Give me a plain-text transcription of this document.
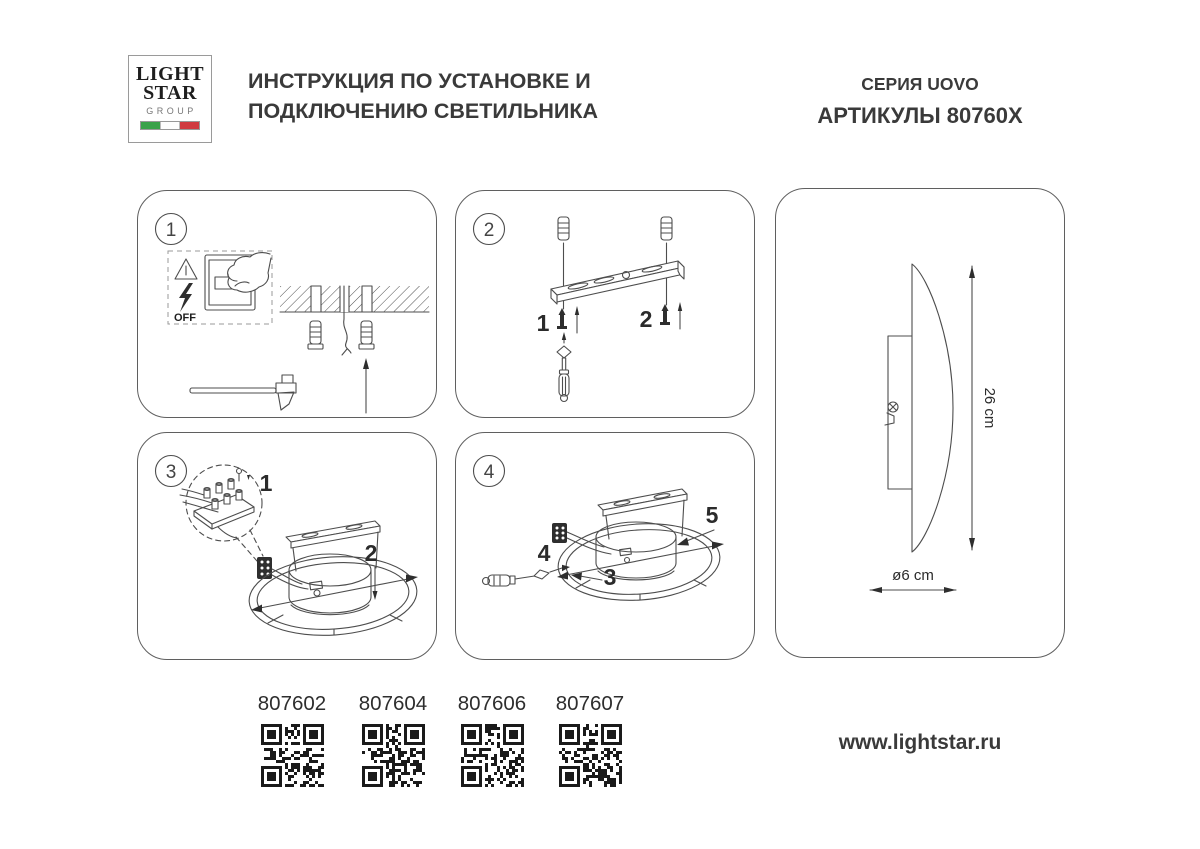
LIGHT
STAR
GROUP
ИНСТРУКЦИЯ ПО УСТАНОВКЕ И
ПОДКЛЮЧЕНИЮ СВЕТИЛЬНИКА
СЕРИЯ UOVO
АРТИКУЛЫ 80760X
1
OFF
2
1	2
3	1
2
4
4
3
5
26 cm
ø6 cm
807602 807604 807606 807607
www.lightstar.ru
